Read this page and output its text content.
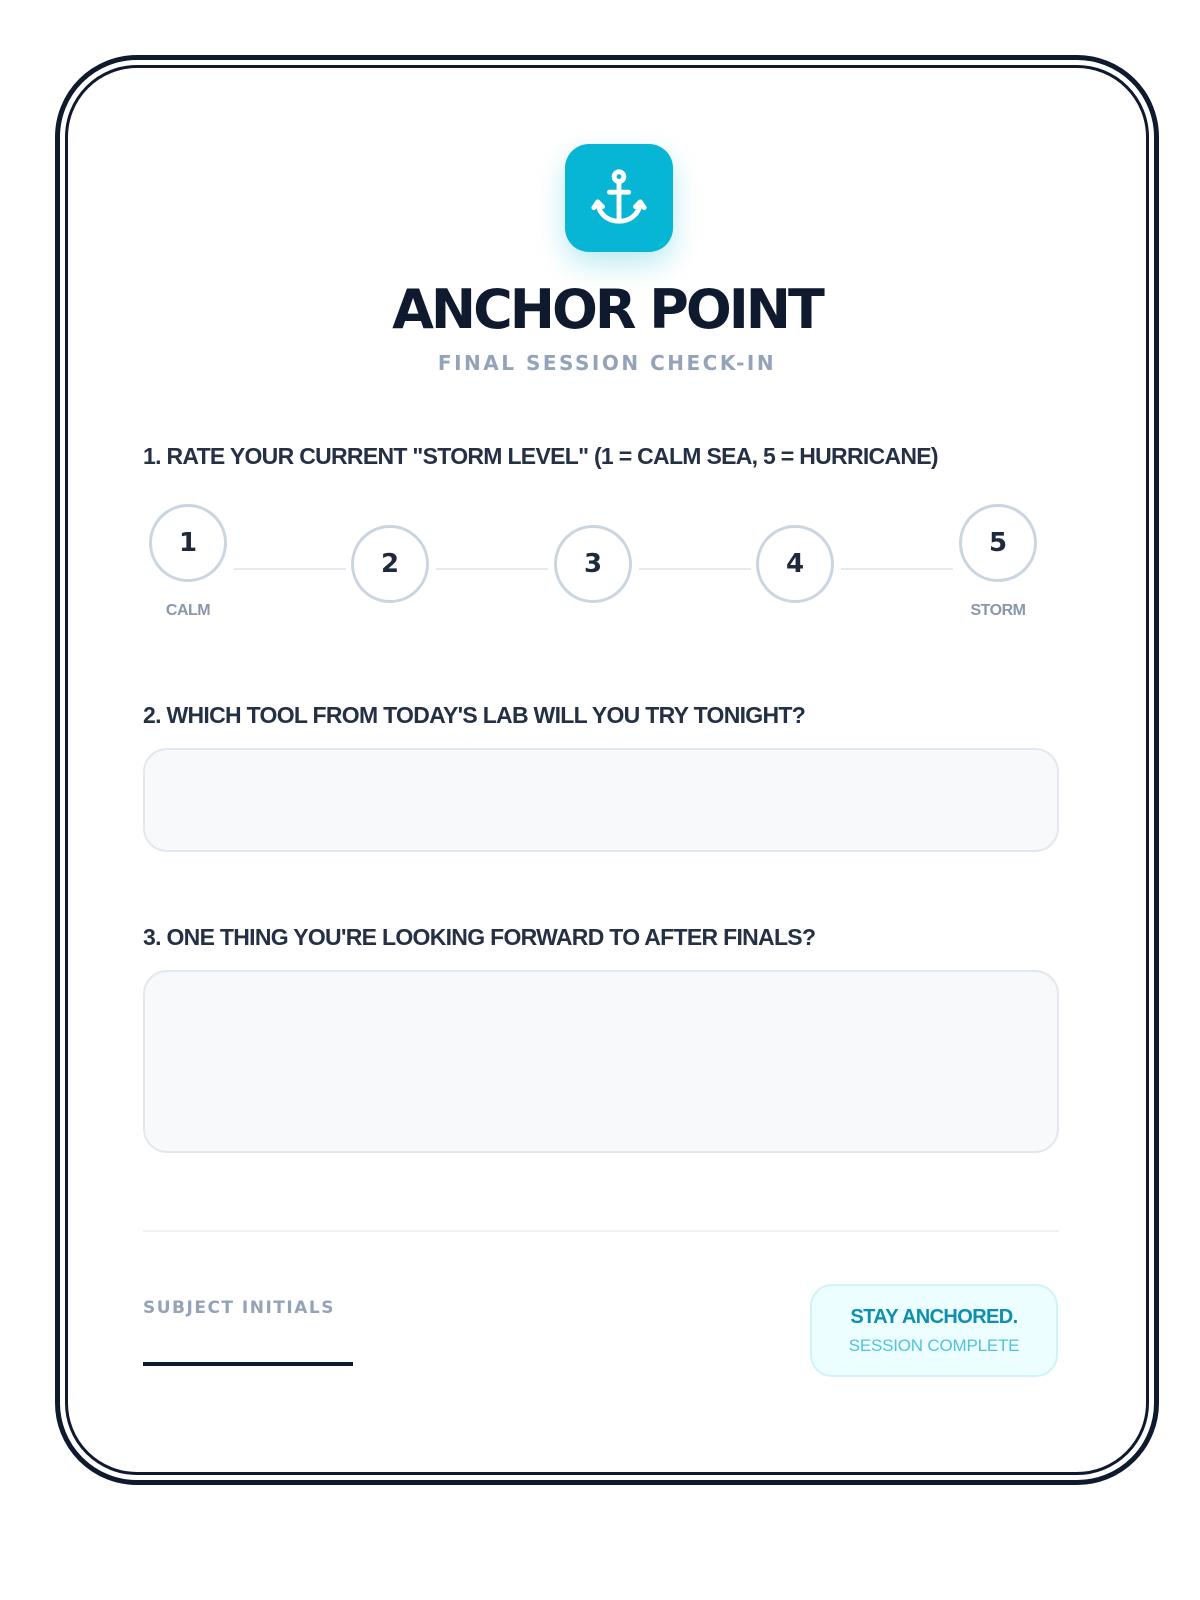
ANCHOR POINT
FINAL SESSION CHECK-IN
1. RATE YOUR CURRENT "STORM LEVEL" (1 = CALM SEA, 5 = HURRICANE)
1
2	3	4
5
CALM	STORM
2. WHICH TOOL FROM TODAY'S LAB WILL YOU TRY TONIGHT?
3. ONE THING YOU'RE LOOKING FORWARD TO AFTER FINALS?
SUBJECT INITIALS	STAY ANCHORED.
SESSION COMPLETE
